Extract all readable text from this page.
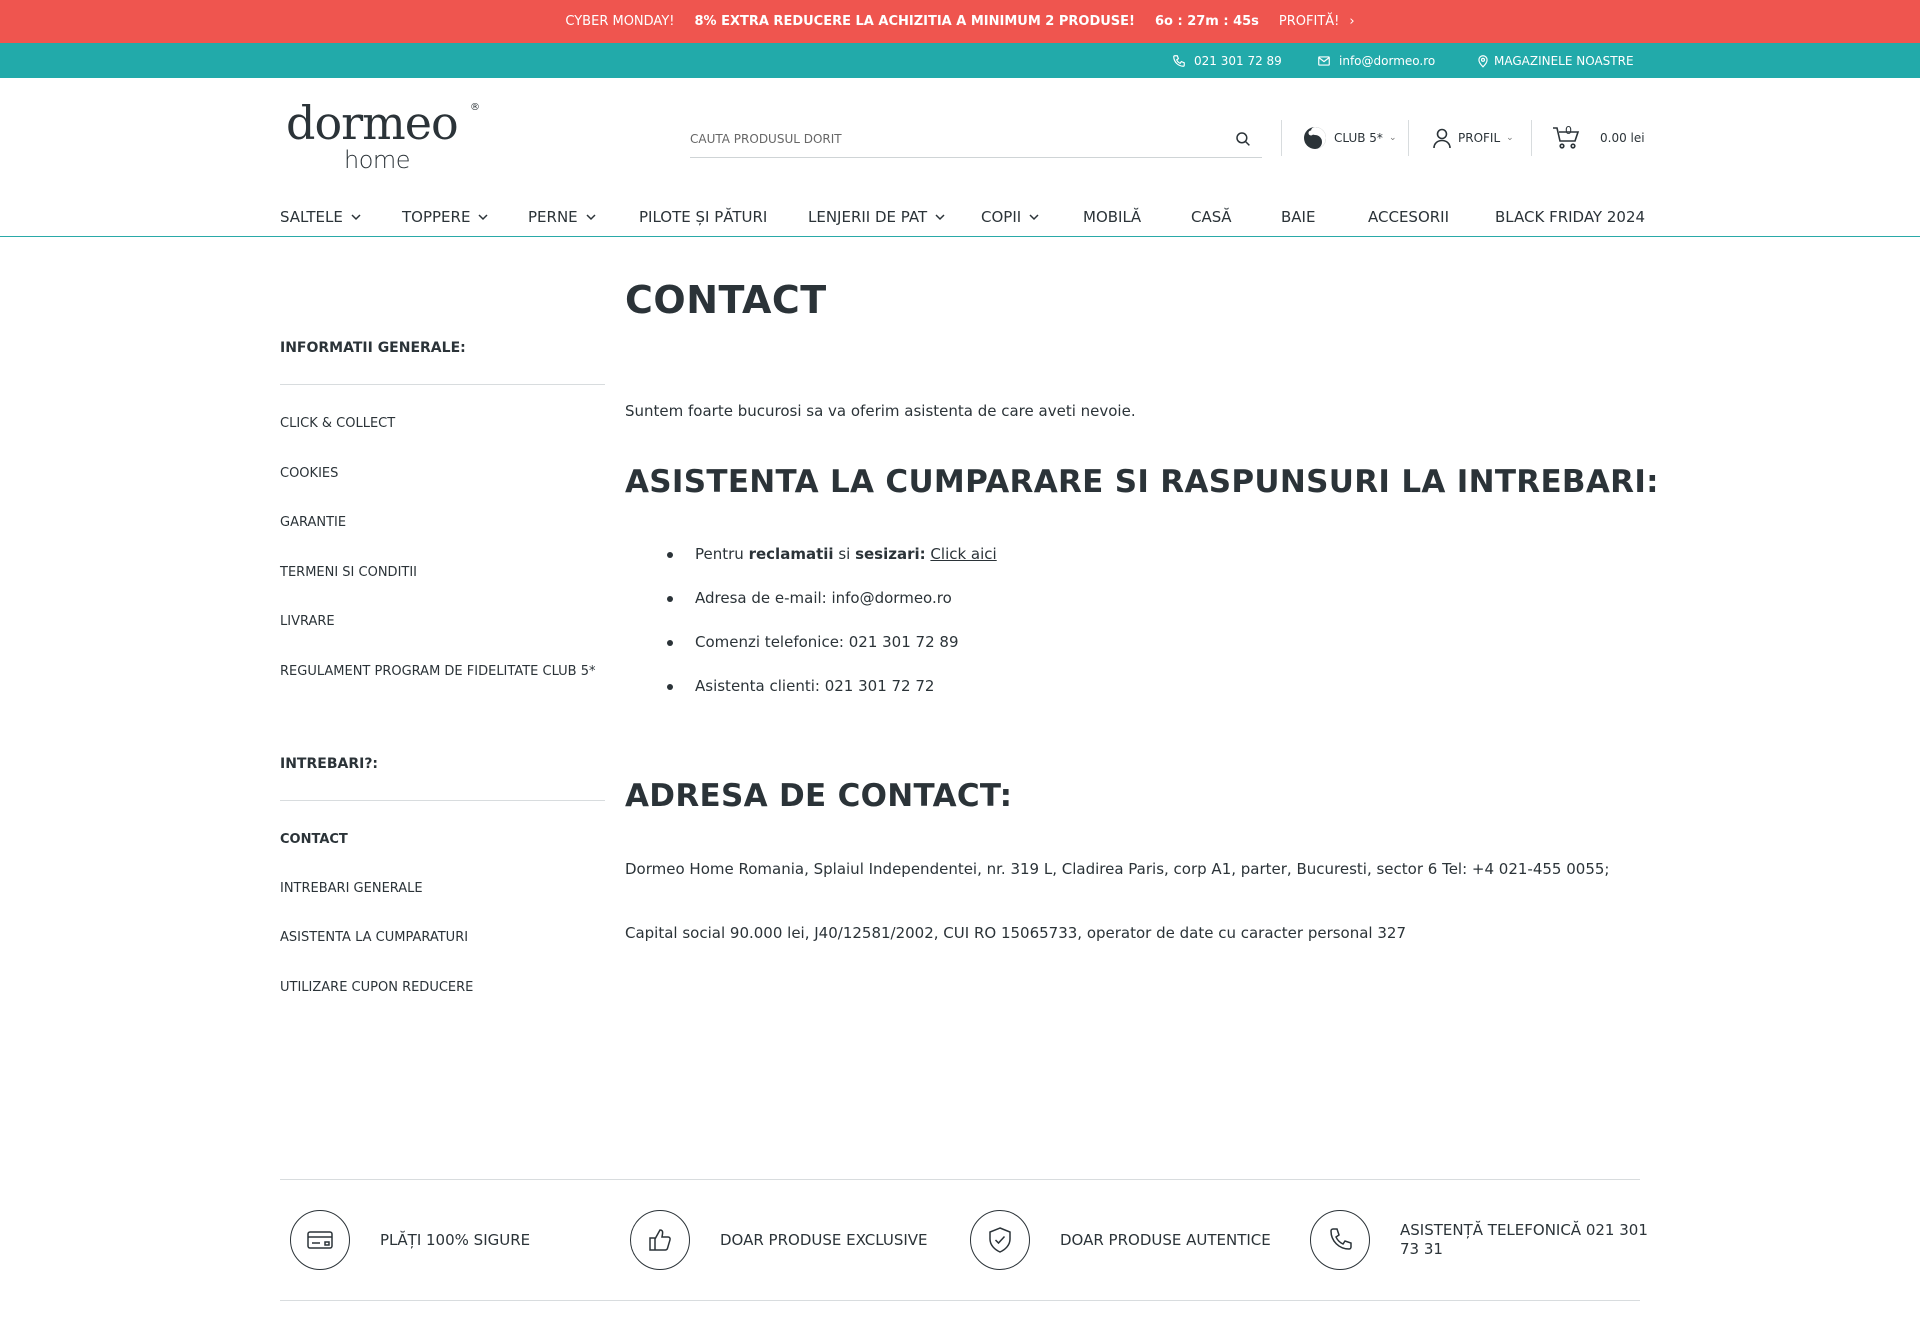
CYBER MONDAY! 8% EXTRA REDUCERE LA ACHIZITIA A MINIMUM 2 PRODUSE! 6o : 27m : 45s PROFITĂ! ›
021 301 72 89	info@dormeo.ro	MAGAZINELE NOASTRE
dormeo	®
home
CAUTA PRODUSUL DORIT
CLUB 5* ⌄	PROFIL ⌄
0
0.00 lei
SALTELE	TOPPERE	PERNE	PILOTE ȘI PĂTURI	LENJERII DE PAT	COPII	MOBILĂ	CASĂ	BAIE	ACCESORII	BLACK FRIDAY 2024
INFORMATII GENERALE:
CLICK & COLLECT
COOKIES
GARANTIE
TERMENI SI CONDITII
LIVRARE
REGULAMENT PROGRAM DE FIDELITATE CLUB 5*
INTREBARI?:
CONTACT
INTREBARI GENERALE
ASISTENTA LA CUMPARATURI
UTILIZARE CUPON REDUCERE
CONTACT

Suntem foarte bucurosi sa va oferim asistenta de care aveti nevoie.

ASISTENTA LA CUMPARARE SI RASPUNSURI LA INTREBARI:
Pentru reclamatii si sesizari: Click aici
Adresa de e-mail: info@dormeo.ro
Comenzi telefonice: 021 301 72 89
Asistenta clienti: 021 301 72 72
ADRESA DE CONTACT:

Dormeo Home Romania, Splaiul Independentei, nr. 319 L, Cladirea Paris, corp A1, parter, Bucuresti, sector 6 Tel: +4 021-455 0055;

Capital social 90.000 lei, J40/12581/2002, CUI RO 15065733, operator de date cu caracter personal 327

PLĂȚI 100% SIGURE	DOAR PRODUSE EXCLUSIVE	DOAR PRODUSE AUTENTICE
ASISTENȚĂ TELEFONICĂ 021 301
73 31
